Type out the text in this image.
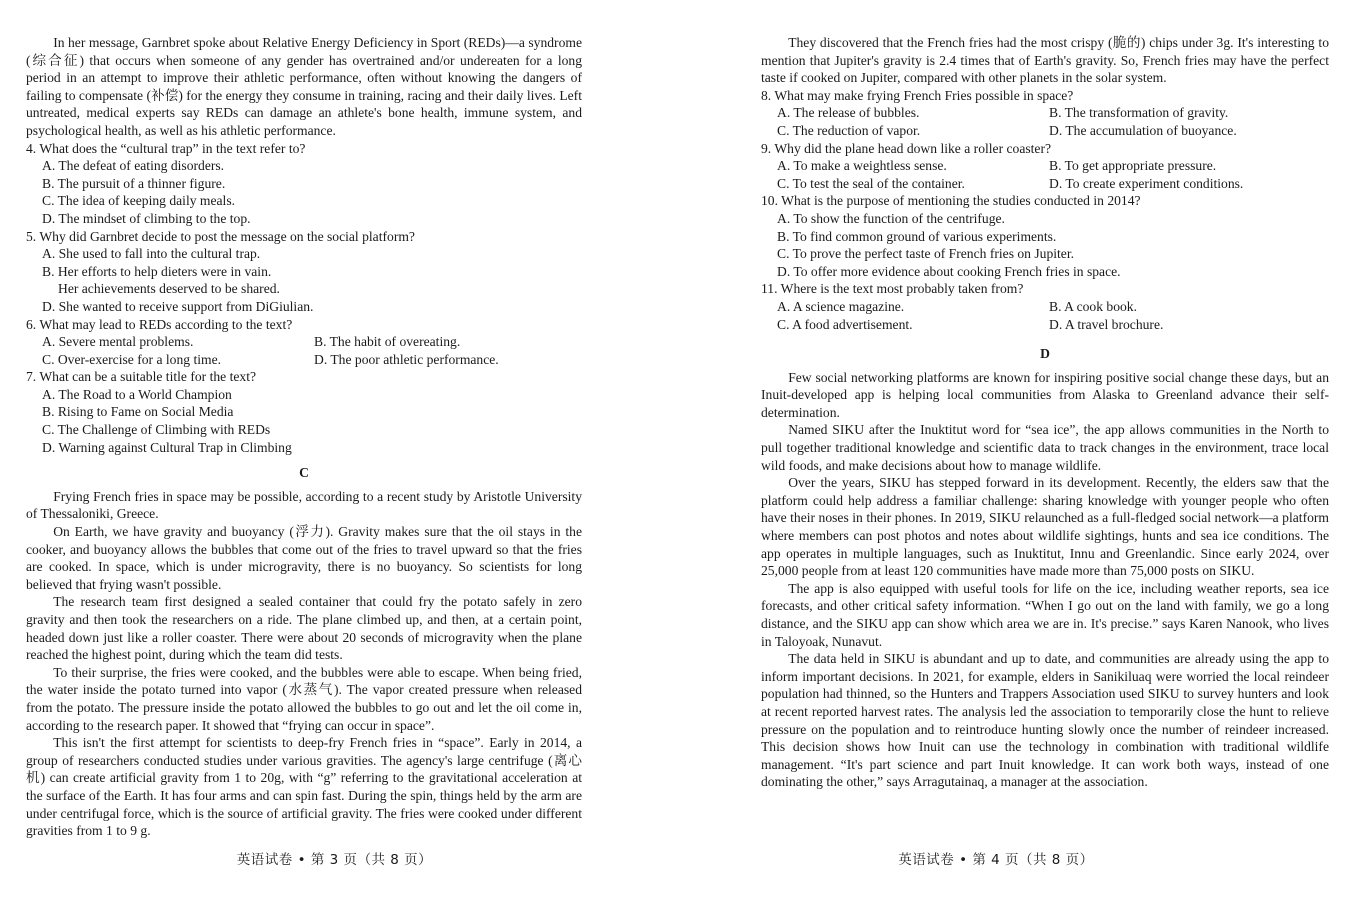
In her message, Garnbret spoke about Relative Energy Deficiency in Sport (REDs)—a syndrome (综合征) that occurs when someone of any gender has overtrained and/or undereaten for a long period in an attempt to improve their athletic performance, often without knowing the dangers of failing to compensate (补偿) for the energy they consume in training, racing and their daily lives. Left untreated, medical experts say REDs can damage an athlete's bone health, immune system, and psychological health, as well as his athletic performance.

4. What does the “cultural trap” in the text refer to?
A. The defeat of eating disorders.
B. The pursuit of a thinner figure.
C. The idea of keeping daily meals.
D. The mindset of climbing to the top.
5. Why did Garnbret decide to post the message on the social platform?
A. She used to fall into the cultural trap.
B. Her efforts to help dieters were in vain.
Her achievements deserved to be shared.
D. She wanted to receive support from DiGiulian.
6. What may lead to REDs according to the text?
A. Severe mental problems.	B. The habit of overeating.
C. Over-exercise for a long time.	D. The poor athletic performance.
7. What can be a suitable title for the text?
A. The Road to a World Champion
B. Rising to Fame on Social Media
C. The Challenge of Climbing with REDs
D. Warning against Cultural Trap in Climbing
C

Frying French fries in space may be possible, according to a recent study by Aristotle University of Thessaloniki, Greece.

On Earth, we have gravity and buoyancy (浮力). Gravity makes sure that the oil stays in the cooker, and buoyancy allows the bubbles that come out of the fries to travel upward so that the fries are cooked. In space, which is under microgravity, there is no buoyancy. So scientists for long believed that frying wasn't possible.

The research team first designed a sealed container that could fry the potato safely in zero gravity and then took the researchers on a ride. The plane climbed up, and then, at a certain point, headed down just like a roller coaster. There were about 20 seconds of microgravity when the plane reached the highest point, during which the team did tests.

To their surprise, the fries were cooked, and the bubbles were able to escape. When being fried, the water inside the potato turned into vapor (水蒸气). The vapor created pressure when released from the potato. The pressure inside the potato allowed the bubbles to go out and let the oil come in, according to the research paper. It showed that “frying can occur in space”.

This isn't the first attempt for scientists to deep-fry French fries in “space”. Early in 2014, a group of researchers conducted studies under various gravities. The agency's large centrifuge (离心机) can create artificial gravity from 1 to 20g, with “g” referring to the gravitational acceleration at the surface of the Earth. It has four arms and can spin fast. During the spin, things held by the arm are under centrifugal force, which is the source of artificial gravity. The fries were cooked under different gravities from 1 to 9 g.

英语试卷 • 第 3 页（共 8 页）

They discovered that the French fries had the most crispy (脆的) chips under 3g. It's interesting to mention that Jupiter's gravity is 2.4 times that of Earth's gravity. So, French fries may have the perfect taste if cooked on Jupiter, compared with other planets in the solar system.

8. What may make frying French Fries possible in space?
A. The release of bubbles.	B. The transformation of gravity.
C. The reduction of vapor.	D. The accumulation of buoyance.
9. Why did the plane head down like a roller coaster?
A. To make a weightless sense.	B. To get appropriate pressure.
C. To test the seal of the container.	D. To create experiment conditions.
10. What is the purpose of mentioning the studies conducted in 2014?
A. To show the function of the centrifuge.
B. To find common ground of various experiments.
C. To prove the perfect taste of French fries on Jupiter.
D. To offer more evidence about cooking French fries in space.
11. Where is the text most probably taken from?
A. A science magazine.	B. A cook book.
C. A food advertisement.	D. A travel brochure.
D

Few social networking platforms are known for inspiring positive social change these days, but an Inuit-developed app is helping local communities from Alaska to Greenland advance their self-determination.

Named SIKU after the Inuktitut word for “sea ice”, the app allows communities in the North to pull together traditional knowledge and scientific data to track changes in the environment, trace local wild foods, and make decisions about how to manage wildlife.

Over the years, SIKU has stepped forward in its development. Recently, the elders saw that the platform could help address a familiar challenge: sharing knowledge with younger people who often have their noses in their phones. In 2019, SIKU relaunched as a full-fledged social network—a platform where members can post photos and notes about wildlife sightings, hunts and sea ice conditions. The app operates in multiple languages, such as Inuktitut, Innu and Greenlandic. Since early 2024, over 25,000 people from at least 120 communities have made more than 75,000 posts on SIKU.

The app is also equipped with useful tools for life on the ice, including weather reports, sea ice forecasts, and other critical safety information. “When I go out on the land with family, we go a long distance, and the SIKU app can show which area we are in. It's precise.” says Karen Nanook, who lives in Taloyoak, Nunavut.

The data held in SIKU is abundant and up to date, and communities are already using the app to inform important decisions. In 2021, for example, elders in Sanikiluaq were worried the local reindeer population had thinned, so the Hunters and Trappers Association used SIKU to survey hunters and look at recent reported harvest rates. The analysis led the association to temporarily close the hunt to relieve pressure on the population and to reintroduce hunting slowly once the number of reindeer increased. This decision shows how Inuit can use the technology in combination with traditional wildlife management. “It's part science and part Inuit knowledge. It can work both ways, instead of one dominating the other,” says Arragutainaq, a manager at the association.

英语试卷 • 第 4 页（共 8 页）
